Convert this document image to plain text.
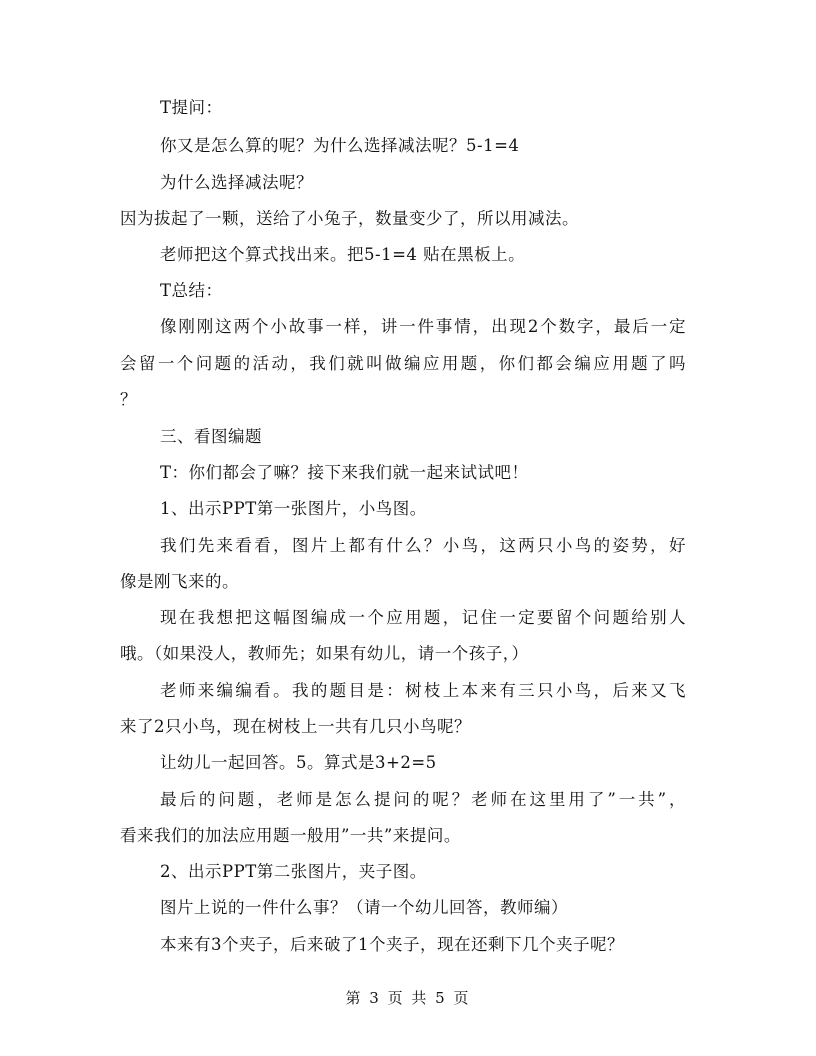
T提问：
你又是怎么算的呢？为什么选择减法呢？5-1=4
为什么选择减法呢？
因为拔起了一颗，送给了小兔子，数量变少了，所以用减法。
老师把这个算式找出来。把5-1=4 贴在黑板上。
T总结：
像刚刚这两个小故事一样，讲一件事情，出现2个数字，最后一定
会留一个问题的活动，我们就叫做编应用题，你们都会编应用题了吗
？
三、看图编题
T：你们都会了嘛？接下来我们就一起来试试吧！
1、出示PPT第一张图片，小鸟图。
我们先来看看，图片上都有什么？小鸟，这两只小鸟的姿势，好
像是刚飞来的。
现在我想把这幅图编成一个应用题，记住一定要留个问题给别人
哦。（如果没人，教师先；如果有幼儿，请一个孩子，）
老师来编编看。我的题目是：树枝上本来有三只小鸟，后来又飞
来了2只小鸟，现在树枝上一共有几只小鸟呢？
让幼儿一起回答。5。算式是3+2=5
最后的问题，老师是怎么提问的呢？老师在这里用了”一共”，
看来我们的加法应用题一般用”一共”来提问。
2、出示PPT第二张图片，夹子图。
图片上说的一件什么事？（请一个幼儿回答，教师编）
本来有3个夹子，后来破了1个夹子，现在还剩下几个夹子呢？
第 3 页 共 5 页
